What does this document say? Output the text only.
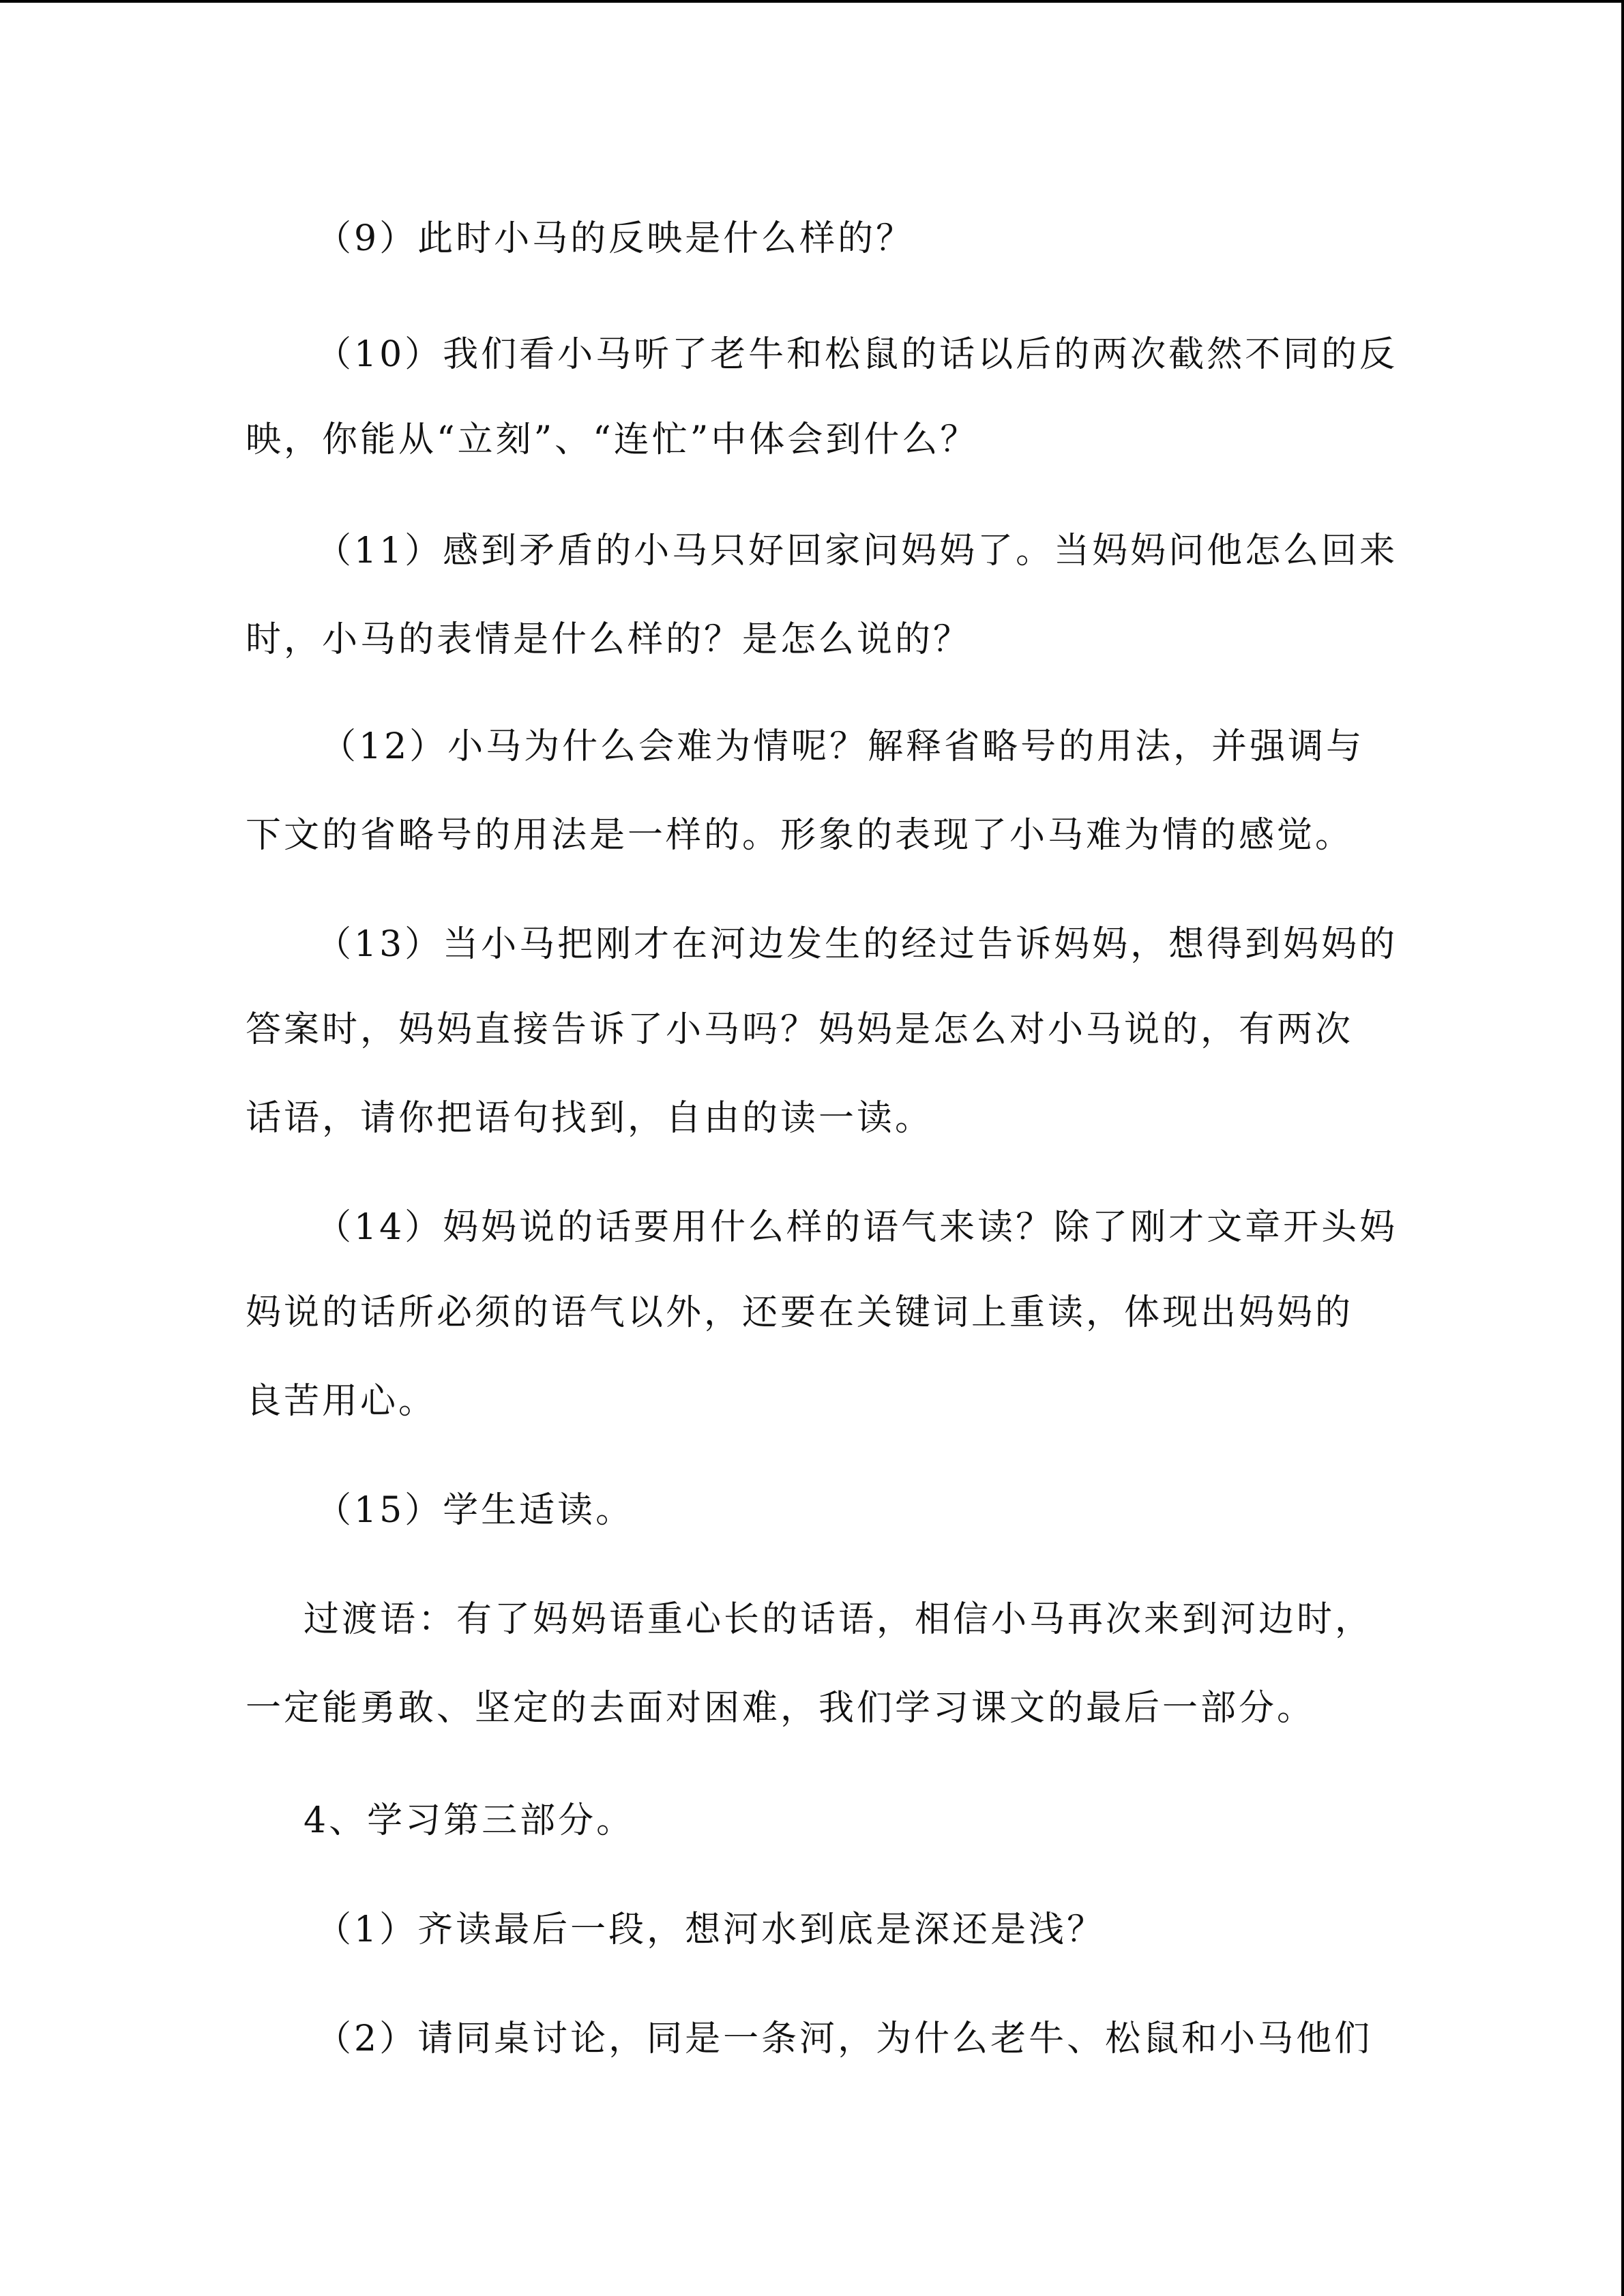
（9）此时小马的反映是什么样的？
（10）我们看小马听了老牛和松鼠的话以后的两次截然不同的反
映，你能从“立刻”、“连忙”中体会到什么？
（11）感到矛盾的小马只好回家问妈妈了。当妈妈问他怎么回来
时，小马的表情是什么样的？是怎么说的？
（12）小马为什么会难为情呢？解释省略号的用法，并强调与
下文的省略号的用法是一样的。形象的表现了小马难为情的感觉。
（13）当小马把刚才在河边发生的经过告诉妈妈，想得到妈妈的
答案时，妈妈直接告诉了小马吗？妈妈是怎么对小马说的，有两次
话语，请你把语句找到，自由的读一读。
（14）妈妈说的话要用什么样的语气来读？除了刚才文章开头妈
妈说的话所必须的语气以外，还要在关键词上重读，体现出妈妈的
良苦用心。
（15）学生适读。
过渡语：有了妈妈语重心长的话语，相信小马再次来到河边时，
一定能勇敢、坚定的去面对困难，我们学习课文的最后一部分。
4、学习第三部分。
（1）齐读最后一段，想河水到底是深还是浅？
（2）请同桌讨论，同是一条河，为什么老牛、松鼠和小马他们
